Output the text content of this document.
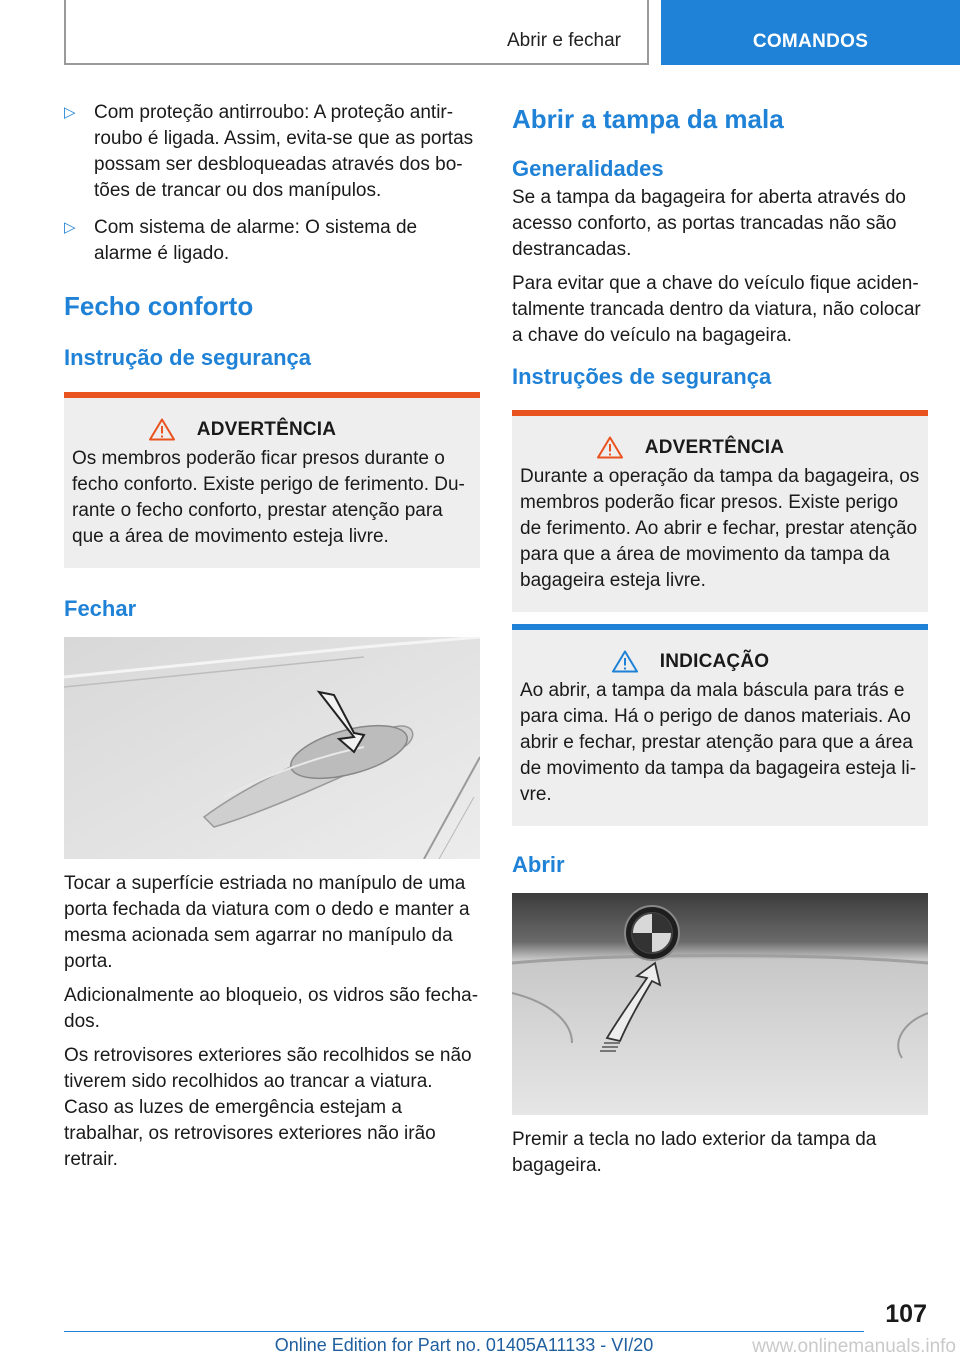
Abrir e fechar	COMANDOS
▷ Com proteção antirroubo: A proteção antirroubo é ligada. Assim, evita-se que as portas possam ser desbloqueadas através dos botões de trancar ou dos manípulos.
▷ Com sistema de alarme: O sistema de alarme é ligado.
Fecho conforto
Instrução de segurança
ADVERTÊNCIA
Os membros poderão ficar presos durante o fecho conforto. Existe perigo de ferimento. Durante o fecho conforto, prestar atenção para que a área de movimento esteja livre.
Fechar

Tocar a superfície estriada no manípulo de uma porta fechada da viatura com o dedo e manter a mesma acionada sem agarrar no manípulo da porta.

Adicionalmente ao bloqueio, os vidros são fechados.

Os retrovisores exteriores são recolhidos se não tiverem sido recolhidos ao trancar a viatura. Caso as luzes de emergência estejam a trabalhar, os retrovisores exteriores não irão retrair.

Abrir a tampa da mala
Generalidades

Se a tampa da bagageira for aberta através do acesso conforto, as portas trancadas não são destrancadas.

Para evitar que a chave do veículo fique acidentalmente trancada dentro da viatura, não colocar a chave do veículo na bagageira.

Instruções de segurança
ADVERTÊNCIA
Durante a operação da tampa da bagageira, os membros poderão ficar presos. Existe perigo de ferimento. Ao abrir e fechar, prestar atenção para que a área de movimento da tampa da bagageira esteja livre.
INDICAÇÃO
Ao abrir, a tampa da mala báscula para trás e para cima. Há o perigo de danos materiais. Ao abrir e fechar, prestar atenção para que a área de movimento da tampa da bagageira esteja livre.
Abrir

Premir a tecla no lado exterior da tampa da bagageira.

107
Online Edition for Part no. 01405A11133 - VI/20	www.onlinemanuals.info
